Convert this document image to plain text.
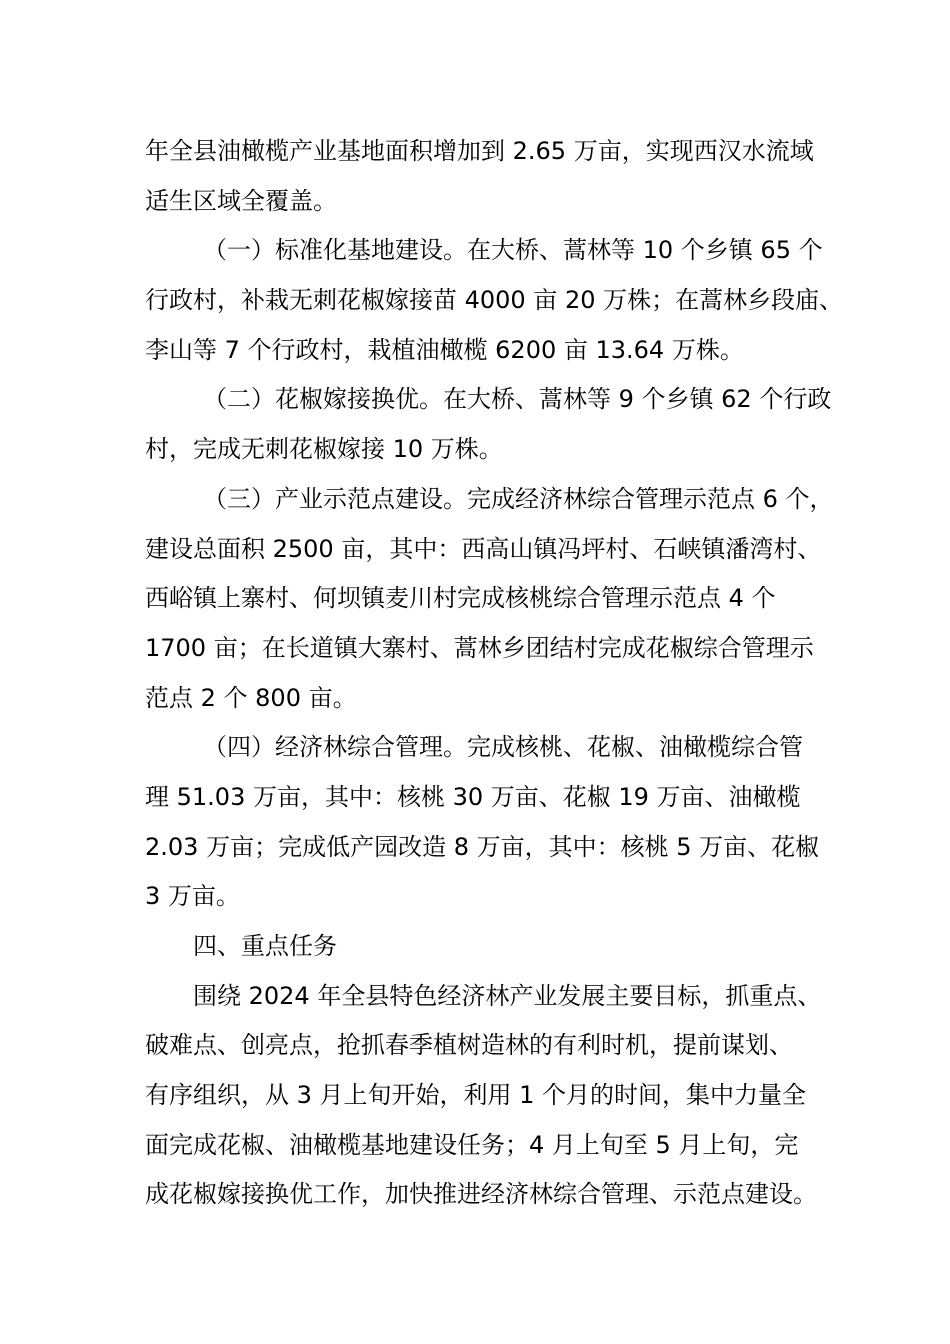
年全县油橄榄产业基地面积增加到 2.65 万亩，实现西汉水流域
适生区域全覆盖。
（一）标准化基地建设。在大桥、蒿林等 10 个乡镇 65 个
行政村，补栽无刺花椒嫁接苗 4000 亩 20 万株；在蒿林乡段庙、
李山等 7 个行政村，栽植油橄榄 6200 亩 13.64 万株。
（二）花椒嫁接换优。在大桥、蒿林等 9 个乡镇 62 个行政
村，完成无刺花椒嫁接 10 万株。
（三）产业示范点建设。完成经济林综合管理示范点 6 个，
建设总面积 2500 亩，其中：西高山镇冯坪村、石峡镇潘湾村、
西峪镇上寨村、何坝镇麦川村完成核桃综合管理示范点 4 个
1700 亩；在长道镇大寨村、蒿林乡团结村完成花椒综合管理示
范点 2 个 800 亩。
（四）经济林综合管理。完成核桃、花椒、油橄榄综合管
理 51.03 万亩，其中：核桃 30 万亩、花椒 19 万亩、油橄榄
2.03 万亩；完成低产园改造 8 万亩，其中：核桃 5 万亩、花椒
3 万亩。
四、重点任务
围绕 2024 年全县特色经济林产业发展主要目标，抓重点、
破难点、创亮点，抢抓春季植树造林的有利时机，提前谋划、
有序组织，从 3 月上旬开始，利用 1 个月的时间，集中力量全
面完成花椒、油橄榄基地建设任务；4 月上旬至 5 月上旬，完
成花椒嫁接换优工作，加快推进经济林综合管理、示范点建设。
